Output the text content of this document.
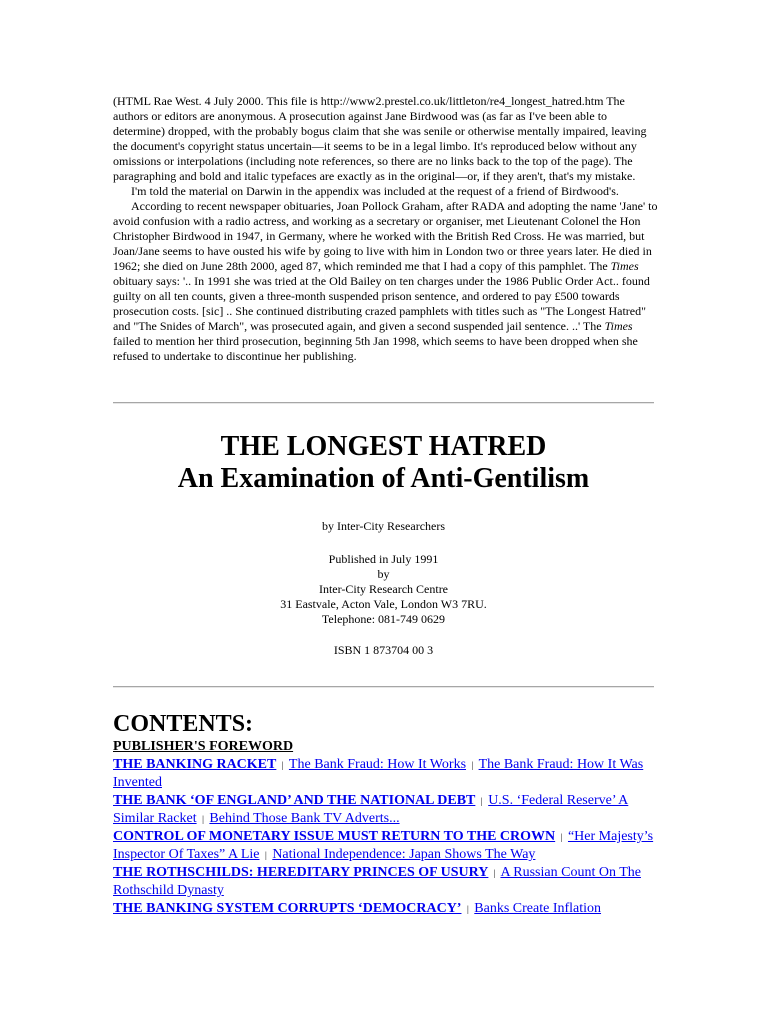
(HTML Rae West. 4 July 2000. This file is http://www2.prestel.co.uk/littleton/re4_longest_hatred.htm The authors or editors are anonymous. A prosecution against Jane Birdwood was (as far as I've been able to determine) dropped, with the probably bogus claim that she was senile or otherwise mentally impaired, leaving the document's copyright status uncertain—it seems to be in a legal limbo. It's reproduced below without any omissions or interpolations (including note references, so there are no links back to the top of the page). The paragraphing and bold and italic typefaces are exactly as in the original—or, if they aren't, that's my mistake.

I'm told the material on Darwin in the appendix was included at the request of a friend of Birdwood's.

According to recent newspaper obituaries, Joan Pollock Graham, after RADA and adopting the name 'Jane' to avoid confusion with a radio actress, and working as a secretary or organiser, met Lieutenant Colonel the Hon Christopher Birdwood in 1947, in Germany, where he worked with the British Red Cross. He was married, but Joan/Jane seems to have ousted his wife by going to live with him in London two or three years later. He died in 1962; she died on June 28th 2000, aged 87, which reminded me that I had a copy of this pamphlet. The Times obituary says: '.. In 1991 she was tried at the Old Bailey on ten charges under the 1986 Public Order Act.. found guilty on all ten counts, given a three-month suspended prison sentence, and ordered to pay £500 towards prosecution costs. [sic] .. She continued distributing crazed pamphlets with titles such as "The Longest Hatred" and "The Snides of March", was prosecuted again, and given a second suspended jail sentence. ..' The Times failed to mention her third prosecution, beginning 5th Jan 1998, which seems to have been dropped when she refused to undertake to discontinue her publishing.

THE LONGEST HATRED
An Examination of Anti-Gentilism
by Inter-City Researchers
Published in July 1991
by
Inter-City Research Centre
31 Eastvale, Acton Vale, London W3 7RU.
Telephone: 081-749 0629
ISBN 1 873704 00 3
CONTENTS:
PUBLISHER'S FOREWORD
THE BANKING RACKET | The Bank Fraud: How It Works | The Bank Fraud: How It Was Invented
THE BANK ‘OF ENGLAND’ AND THE NATIONAL DEBT | U.S. ‘Federal Reserve’ A Similar Racket | Behind Those Bank TV Adverts...
CONTROL OF MONETARY ISSUE MUST RETURN TO THE CROWN | “Her Majesty’s Inspector Of Taxes” A Lie | National Independence: Japan Shows The Way
THE ROTHSCHILDS: HEREDITARY PRINCES OF USURY | A Russian Count On The Rothschild Dynasty
THE BANKING SYSTEM CORRUPTS ‘DEMOCRACY’ | Banks Create Inflation
